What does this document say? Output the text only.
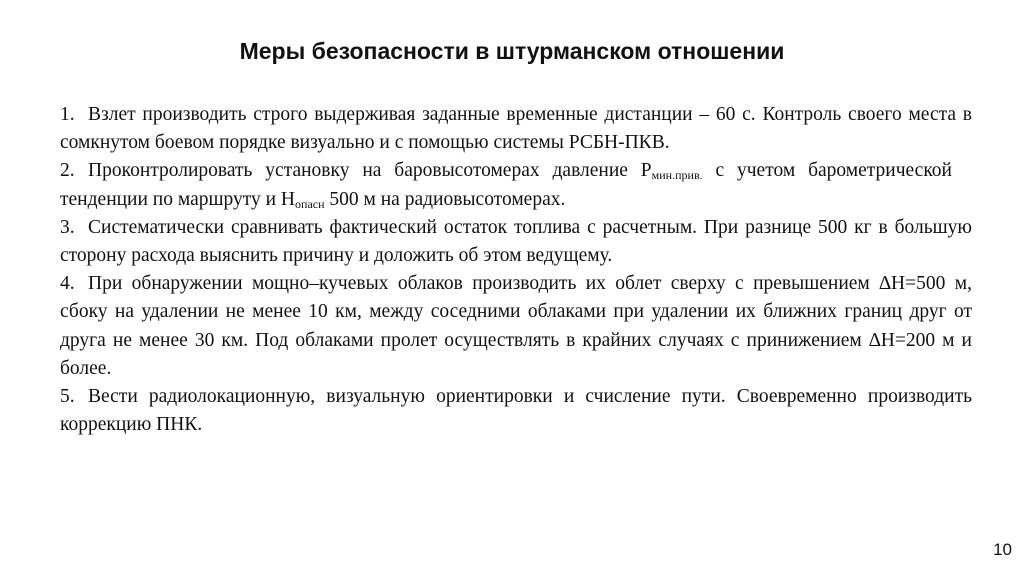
Меры безопасности в штурманском отношении

1. Взлет производить строго выдерживая заданные временные дистанции – 60 с. Контроль своего места в сомкнутом боевом порядке визуально и с помощью системы РСБН-ПКВ.

2. Проконтролировать установку на баровысотомерах давление $Р_{мин.прив.}$ с учетом барометрическойтенденции по маршруту и $Н_{опасн}$ 500 м на радиовысотомерах.

3. Систематически сравнивать фактический остаток топлива с расчетным. При разнице 500 кг в большую сторону расхода выяснить причину и доложить об этом ведущему.

4. При обнаружении мощно–кучевых облаков производить их облет сверху с превышением ∆Н=500 м, сбоку на удалении не менее 10 км, между соседними облаками при удалении их ближних границ друг от друга не менее 30 км. Под облаками пролет осуществлять в крайних случаях с принижением ∆Н=200 м и более.

5. Вести радиолокационную, визуальную ориентировки и счисление пути. Своевременно производить коррекцию ПНК.

10
